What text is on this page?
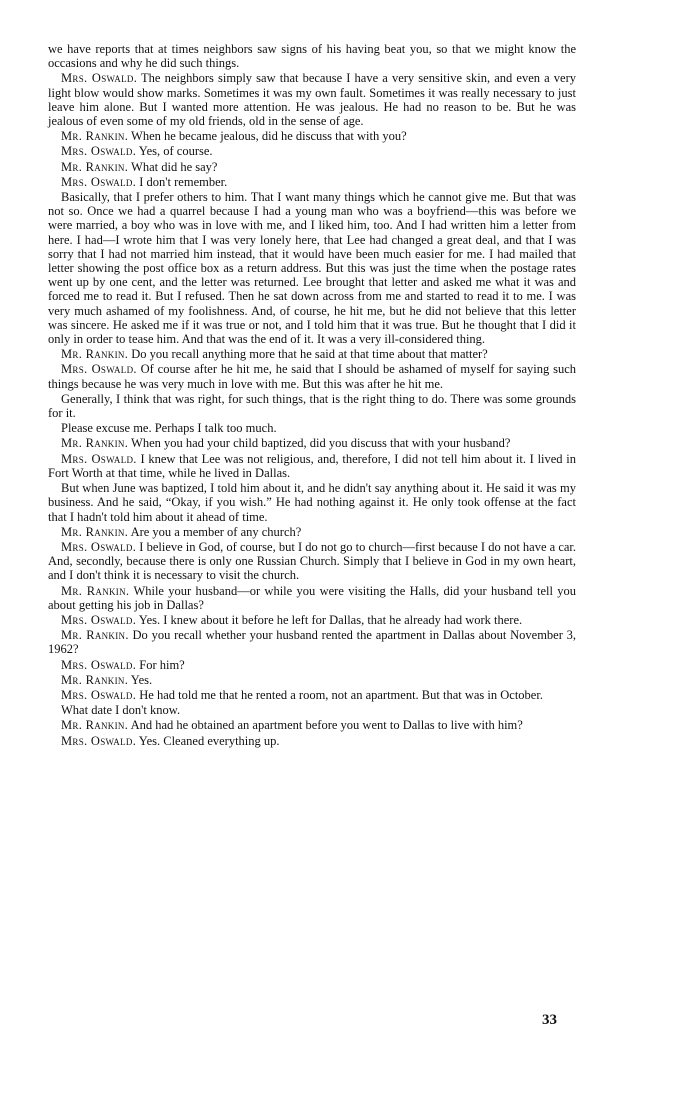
we have reports that at times neighbors saw signs of his having beat you, so that we might know the occasions and why he did such things.

Mrs. Oswald. The neighbors simply saw that because I have a very sensitive skin, and even a very light blow would show marks. Sometimes it was my own fault. Sometimes it was really necessary to just leave him alone. But I wanted more attention. He was jealous. He had no reason to be. But he was jealous of even some of my old friends, old in the sense of age.

Mr. Rankin. When he became jealous, did he discuss that with you?

Mrs. Oswald. Yes, of course.

Mr. Rankin. What did he say?

Mrs. Oswald. I don't remember.

Basically, that I prefer others to him. That I want many things which he cannot give me. But that was not so. Once we had a quarrel because I had a young man who was a boyfriend—this was before we were married, a boy who was in love with me, and I liked him, too. And I had written him a letter from here. I had—I wrote him that I was very lonely here, that Lee had changed a great deal, and that I was sorry that I had not married him instead, that it would have been much easier for me. I had mailed that letter showing the post office box as a return address. But this was just the time when the postage rates went up by one cent, and the letter was returned. Lee brought that letter and asked me what it was and forced me to read it. But I refused. Then he sat down across from me and started to read it to me. I was very much ashamed of my foolishness. And, of course, he hit me, but he did not believe that this letter was sincere. He asked me if it was true or not, and I told him that it was true. But he thought that I did it only in order to tease him. And that was the end of it. It was a very ill-considered thing.

Mr. Rankin. Do you recall anything more that he said at that time about that matter?

Mrs. Oswald. Of course after he hit me, he said that I should be ashamed of myself for saying such things because he was very much in love with me. But this was after he hit me.

Generally, I think that was right, for such things, that is the right thing to do. There was some grounds for it.

Please excuse me. Perhaps I talk too much.

Mr. Rankin. When you had your child baptized, did you discuss that with your husband?

Mrs. Oswald. I knew that Lee was not religious, and, therefore, I did not tell him about it. I lived in Fort Worth at that time, while he lived in Dallas.

But when June was baptized, I told him about it, and he didn't say anything about it. He said it was my business. And he said, “Okay, if you wish.” He had nothing against it. He only took offense at the fact that I hadn't told him about it ahead of time.

Mr. Rankin. Are you a member of any church?

Mrs. Oswald. I believe in God, of course, but I do not go to church—first because I do not have a car. And, secondly, because there is only one Russian Church. Simply that I believe in God in my own heart, and I don't think it is necessary to visit the church.

Mr. Rankin. While your husband—or while you were visiting the Halls, did your husband tell you about getting his job in Dallas?

Mrs. Oswald. Yes. I knew about it before he left for Dallas, that he already had work there.

Mr. Rankin. Do you recall whether your husband rented the apartment in Dallas about November 3, 1962?

Mrs. Oswald. For him?

Mr. Rankin. Yes.

Mrs. Oswald. He had told me that he rented a room, not an apartment. But that was in October.

What date I don't know.

Mr. Rankin. And had he obtained an apartment before you went to Dallas to live with him?

Mrs. Oswald. Yes. Cleaned everything up.

33
